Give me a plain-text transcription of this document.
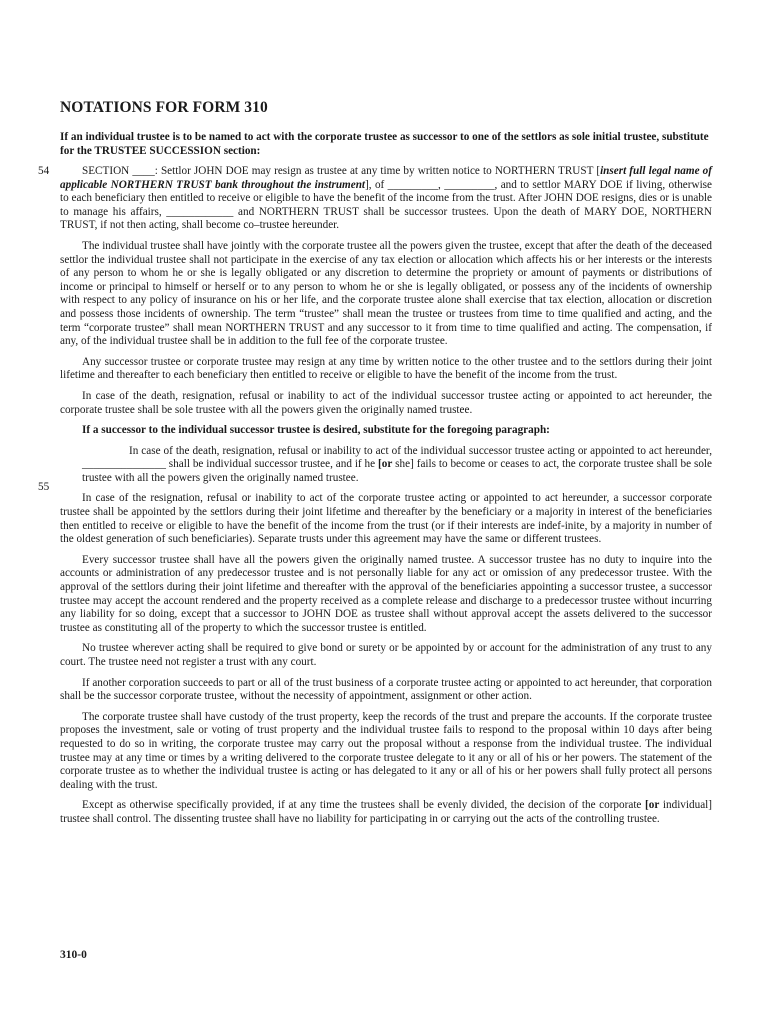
NOTATIONS FOR FORM 310
If an individual trustee is to be named to act with the corporate trustee as successor to one of the settlors as sole initial trustee, substitute for the TRUSTEE SUCCESSION section:
54	SECTION ____: Settlor JOHN DOE may resign as trustee at any time by written notice to NORTHERN TRUST [insert full legal name of applicable NORTHERN TRUST bank throughout the instrument], of _________, _________, and to settlor MARY DOE if living, otherwise to each beneficiary then entitled to receive or eligible to have the benefit of the income from the trust. After JOHN DOE resigns, dies or is unable to manage his affairs, ____________ and NORTHERN TRUST shall be successor trustees. Upon the death of MARY DOE, NORTHERN TRUST, if not then acting, shall become co–trustee hereunder.

The individual trustee shall have jointly with the corporate trustee all the powers given the trustee, except that after the death of the deceased settlor the individual trustee shall not participate in the exercise of any tax election or allocation which affects his or her interests or the interests of any person to whom he or she is legally obligated or any discretion to determine the propriety or amount of payments or distributions of income or principal to himself or herself or to any person to whom he or she is legally obligated, or possess any of the incidents of ownership with respect to any policy of insurance on his or her life, and the corporate trustee alone shall exercise that tax election, allocation or discretion and possess those incidents of ownership. The term “trustee” shall mean the trustee or trustees from time to time qualified and acting, and the term “corporate trustee” shall mean NORTHERN TRUST and any successor to it from time to time qualified and acting. The compensation, if any, of the individual trustee shall be in addition to the full fee of the corporate trustee.

Any successor trustee or corporate trustee may resign at any time by written notice to the other trustee and to the settlors during their joint lifetime and thereafter to each beneficiary then entitled to receive or eligible to have the benefit of the income from the trust.

In case of the death, resignation, refusal or inability to act of the individual successor trustee acting or appointed to act hereunder, the corporate trustee shall be sole trustee with all the powers given the originally named trustee.

If a successor to the individual successor trustee is desired, substitute for the foregoing paragraph:

In case of the death, resignation, refusal or inability to act of the individual successor trustee acting or appointed to act hereunder, _______________ shall be individual successor trustee, and if he [or she] fails to become or ceases to act, the corporate trustee shall be sole trustee with all the powers given the originally named trustee.

In case of the resignation, refusal or inability to act of the corporate trustee acting or appointed to act hereunder, a successor corporate trustee shall be appointed by the settlors during their joint lifetime and thereafter by the beneficiary or a majority in interest of the beneficiaries then entitled to receive or eligible to have the benefit of the income from the trust (or if their interests are indef-inite, by a majority in number of the oldest generation of such beneficiaries). Separate trusts under this agreement may have the same or different trustees.

Every successor trustee shall have all the powers given the originally named trustee. A successor trustee has no duty to inquire into the accounts or administration of any predecessor trustee and is not personally liable for any act or omission of any predecessor trustee. With the approval of the settlors during their joint lifetime and thereafter with the approval of the beneficiaries appointing a successor trustee, a successor trustee may accept the account rendered and the property received as a complete release and discharge to a predecessor trustee without incurring any liability for so doing, except that a successor to JOHN DOE as trustee shall without approval accept the assets delivered to the successor trustee as constituting all of the property to which the successor trustee is entitled.

No trustee wherever acting shall be required to give bond or surety or be appointed by or account for the administration of any trust to any court. The trustee need not register a trust with any court.

If another corporation succeeds to part or all of the trust business of a corporate trustee acting or appointed to act hereunder, that corporation shall be the successor corporate trustee, without the necessity of appointment, assignment or other action.

The corporate trustee shall have custody of the trust property, keep the records of the trust and prepare the accounts. If the corporate trustee proposes the investment, sale or voting of trust property and the individual trustee fails to respond to the proposal within 10 days after being requested to do so in writing, the corporate trustee may carry out the proposal without a response from the individual trustee. The individual trustee may at any time or times by a writing delivered to the corporate trustee delegate to it any or all of his or her powers. The statement of the corporate trustee as to whether the individual trustee is acting or has delegated to it any or all of his or her powers shall fully protect all persons dealing with the trust.

Except as otherwise specifically provided, if at any time the trustees shall be evenly divided, the decision of the corporate [or individual] trustee shall control. The dissenting trustee shall have no liability for participating in or carrying out the acts of the controlling trustee.

55
310-0
